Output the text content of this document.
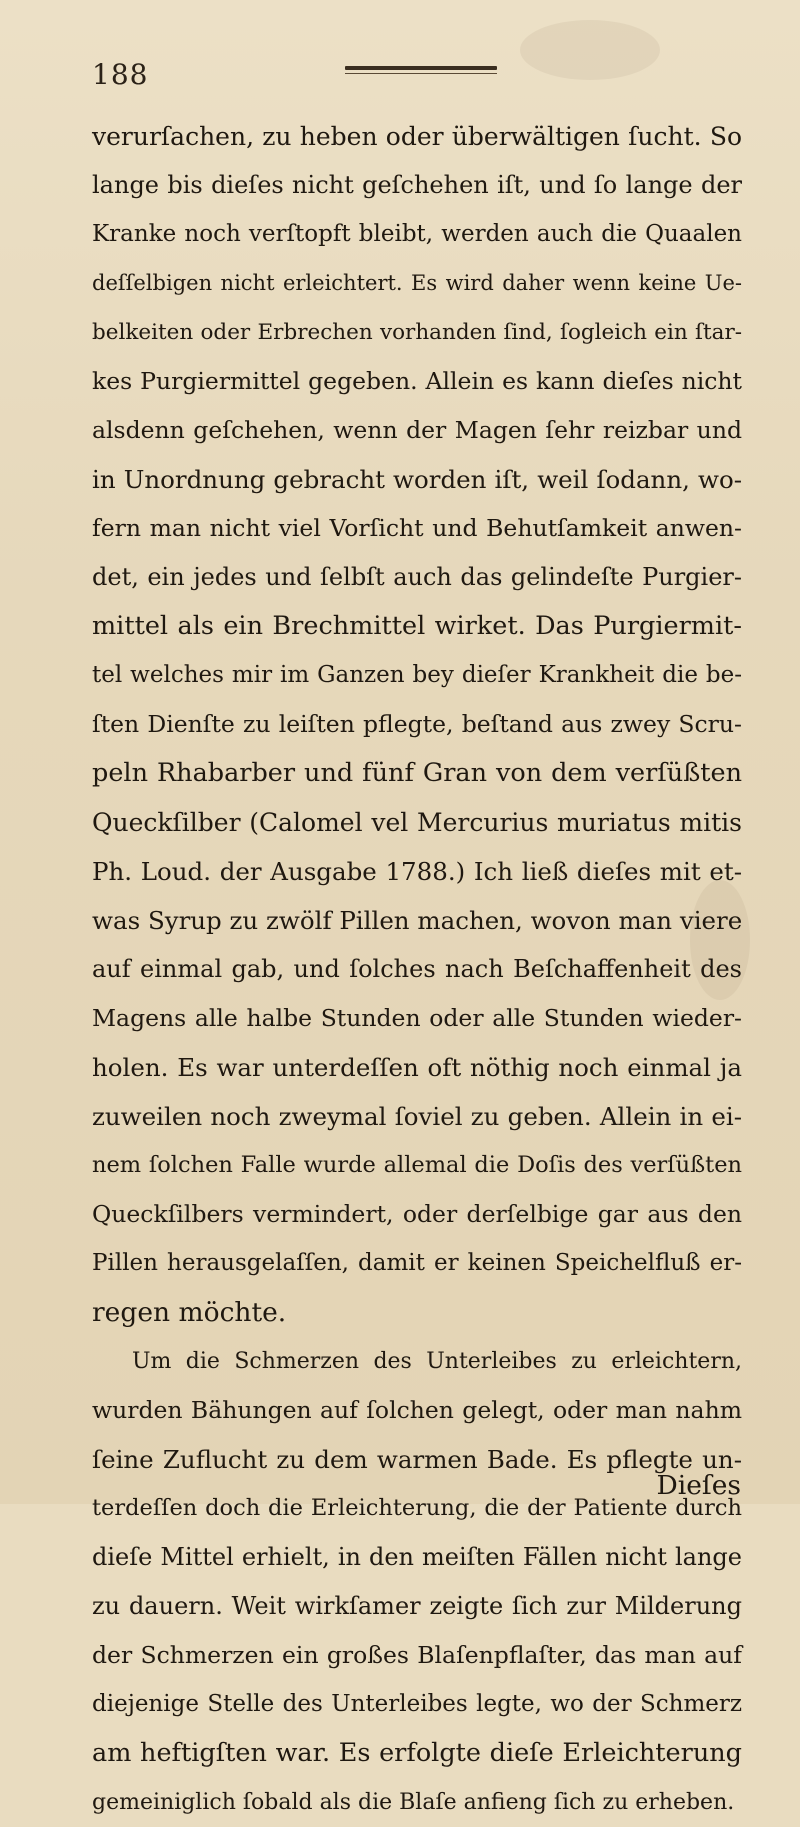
188
verurſachen, zu heben oder überwältigen ſucht. So
lange bis dieſes nicht geſchehen iſt, und ſo lange der
Kranke noch verſtopft bleibt, werden auch die Quaalen
deſſelbigen nicht erleichtert. Es wird daher wenn keine Ue-
belkeiten oder Erbrechen vorhanden ſind, ſogleich ein ſtar-
kes Purgiermittel gegeben. Allein es kann dieſes nicht
alsdenn geſchehen, wenn der Magen ſehr reizbar und
in Unordnung gebracht worden iſt, weil ſodann, wo-
fern man nicht viel Vorſicht und Behutſamkeit anwen-
det, ein jedes und ſelbſt auch das gelindeſte Purgier-
mittel als ein Brechmittel wirket. Das Purgiermit-
tel welches mir im Ganzen bey dieſer Krankheit die be-
ſten Dienſte zu leiſten pflegte, beſtand aus zwey Scru-
peln Rhabarber und fünf Gran von dem verſüßten
Queckſilber (Calomel vel Mercurius muriatus mitis
Ph. Loud. der Ausgabe 1788.) Ich ließ dieſes mit et-
was Syrup zu zwölf Pillen machen, wovon man viere
auf einmal gab, und ſolches nach Beſchaffenheit des
Magens alle halbe Stunden oder alle Stunden wieder-
holen. Es war unterdeſſen oft nöthig noch einmal ja
zuweilen noch zweymal ſoviel zu geben. Allein in ei-
nem ſolchen Falle wurde allemal die Doſis des verſüßten
Queckſilbers vermindert, oder derſelbige gar aus den
Pillen herausgelaſſen, damit er keinen Speichelfluß er-
regen möchte.
Um die Schmerzen des Unterleibes zu erleichtern,
wurden Bähungen auf ſolchen gelegt, oder man nahm
ſeine Zuflucht zu dem warmen Bade. Es pflegte un-
terdeſſen doch die Erleichterung, die der Patiente durch
dieſe Mittel erhielt, in den meiſten Fällen nicht lange
zu dauern. Weit wirkſamer zeigte ſich zur Milderung
der Schmerzen ein großes Blaſenpflaſter, das man auf
diejenige Stelle des Unterleibes legte, wo der Schmerz
am heftigſten war. Es erfolgte dieſe Erleichterung
gemeiniglich ſobald als die Blaſe anfieng ſich zu erheben.
Dieſes
